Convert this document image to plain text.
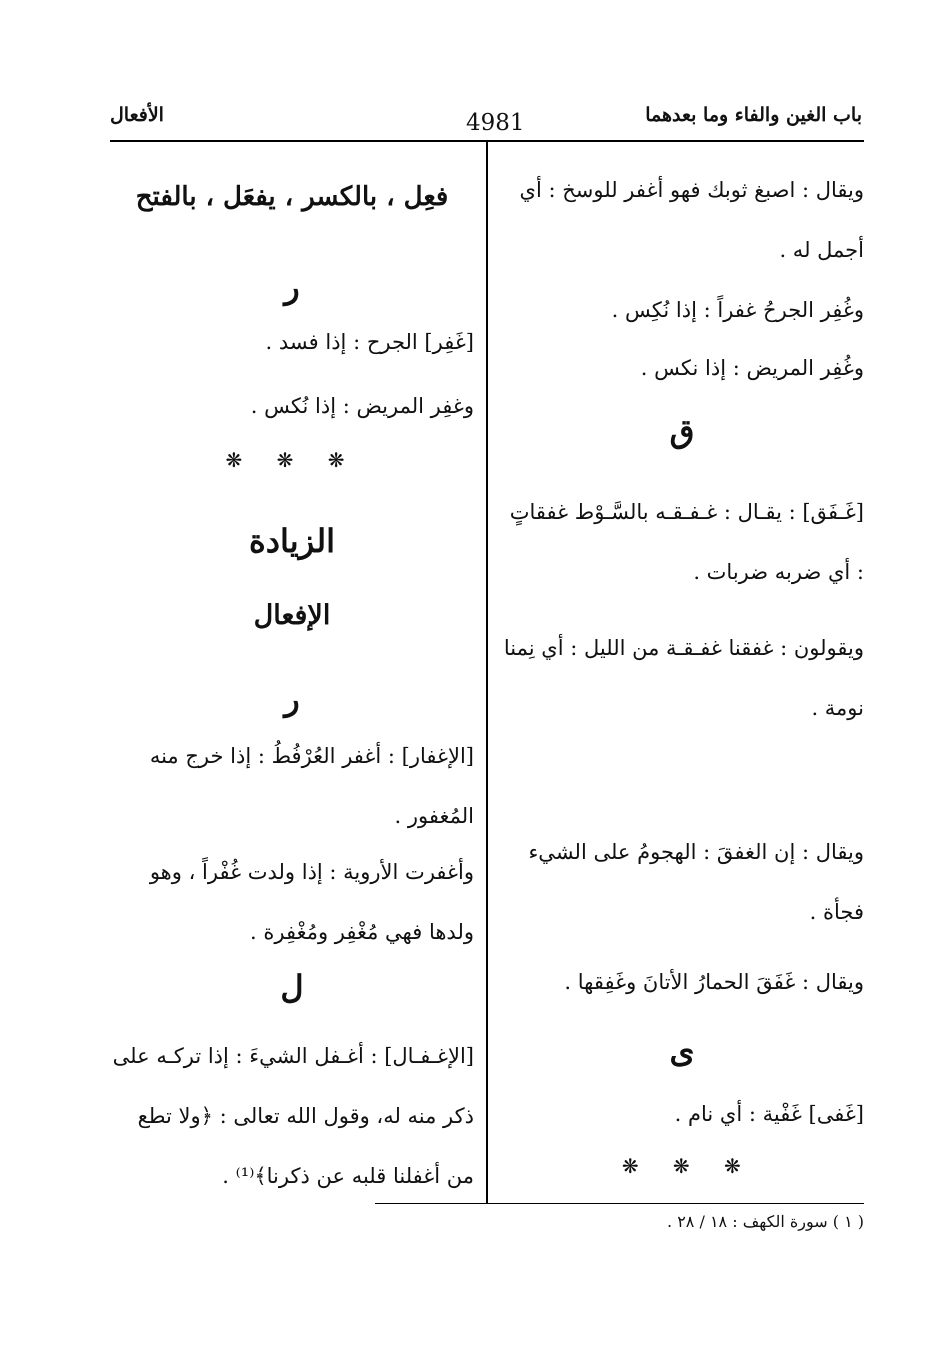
باب الغين والفاء وما بعدهما
4981
الأفعال
ويقال : اصبغ ثوبك فهو أغفر للوسخ : أي أجمل له .
وغُفِر الجرحُ غفراً : إذا نُكِس .
وغُفِر المريض : إذا نكس .
ق
[غَـفَق] : يقـال : غـفـقـه بالسَّـوْط غفقاتٍ : أي ضربه ضربات .
ويقولون : غفقنا غفـقـة من الليل : أي نِمنا نومة .
ويقال : إن الغفقَ : الهجومُ على الشيء فجأة .
ويقال : غَفَقَ الحمارُ الأتانَ وغَفِقها .
ى
[غَفى] غَفْية : أي نام .
❋ ❋ ❋
فعِل ، بالكسر ، يفعَل ، بالفتح
ر
[غَفِر] الجرح : إذا فسد .
وغفِر المريض : إذا نُكس .
❋ ❋ ❋
الزيادة
الإفعال
ر
[الإغفار] : أغفر العُرْفُطُ : إذا خرج منه المُغفور .
وأغفرت الأروية : إذا ولدت غُفْراً ، وهو ولدها فهي مُغْفِر ومُغْفِرة .
ل
[الإغـفـال] : أغـفل الشيءَ : إذا تركـه على ذكر منه له، وقول الله تعالى : ﴿ولا تطع من أغفلنا قلبه عن ذكرنا﴾⁽¹⁾ .
( ١ ) سورة الكهف : ١٨ / ٢٨ .
